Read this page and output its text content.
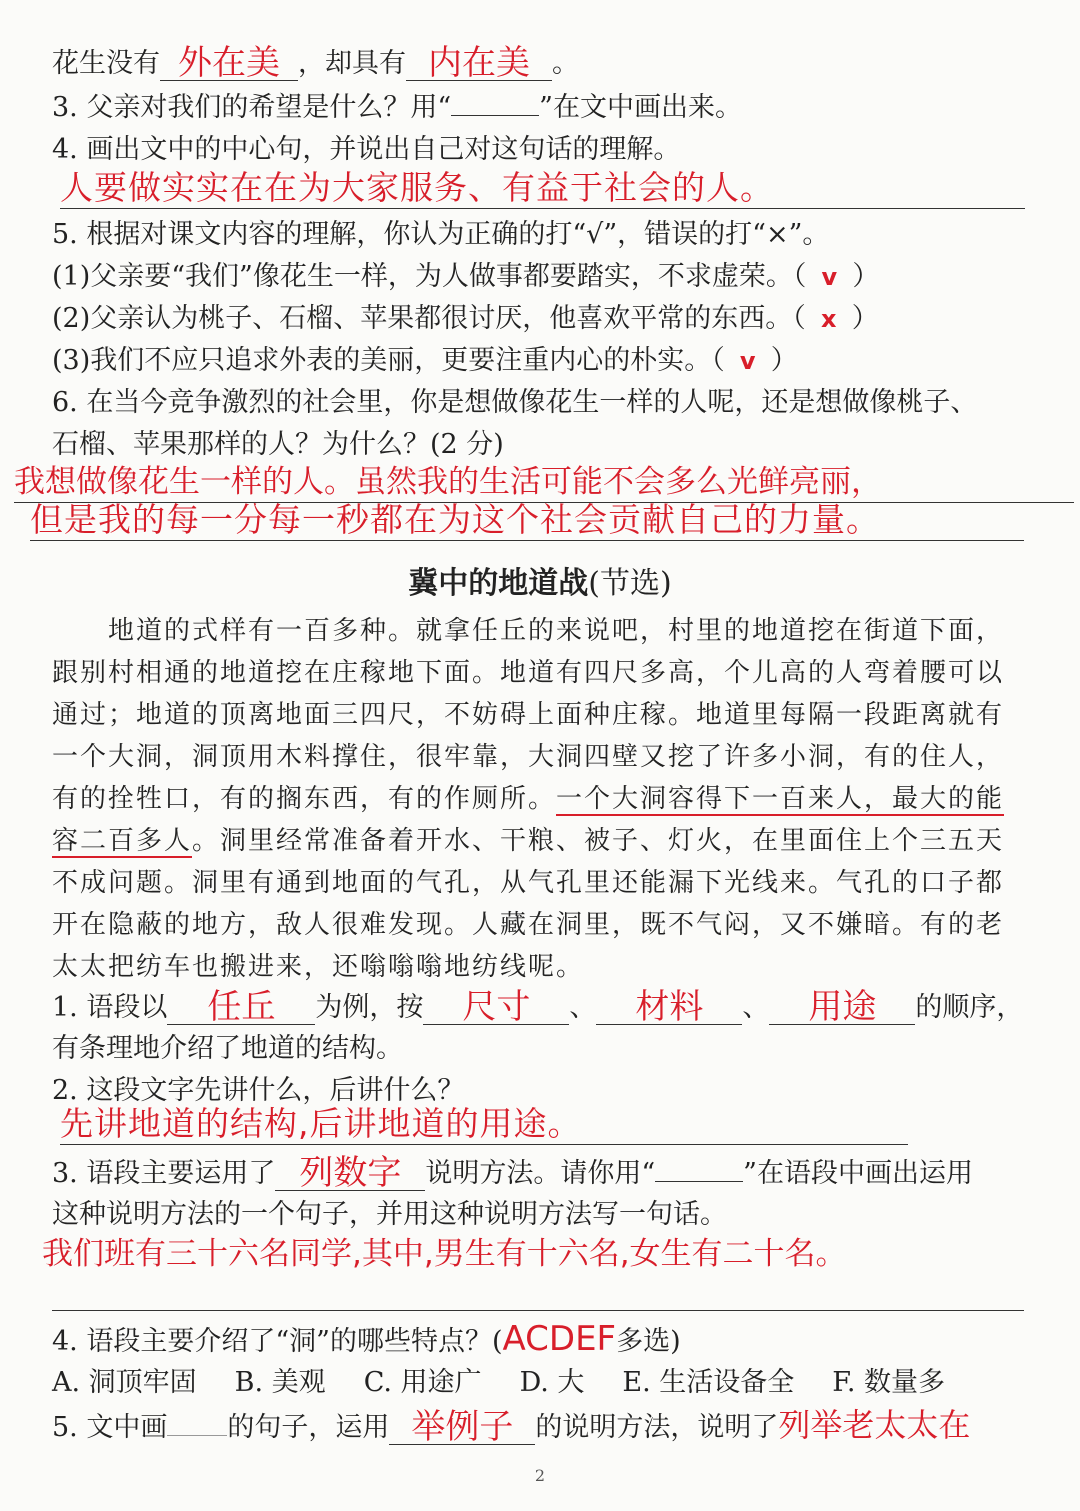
花生没有 外在美 ，却具有 内在美 。
3. 父亲对我们的希望是什么？用“	”在文中画出来。
4. 画出文中的中心句，并说出自己对这句话的理解。
人要做实实在在为大家服务、有益于社会的人。
5. 根据对课文内容的理解，你认为正确的打“√”，错误的打“×”。
(1)父亲要“我们”像花生一样，为人做事都要踏实，不求虚荣。（ v ）
(2)父亲认为桃子、石榴、苹果都很讨厌，他喜欢平常的东西。（ x ）
(3)我们不应只追求外表的美丽，更要注重内心的朴实。（ v ）
6. 在当今竞争激烈的社会里，你是想做像花生一样的人呢，还是想做像桃子、
石榴、苹果那样的人？为什么？(2 分)
我想做像花生一样的人。虽然我的生活可能不会多么光鲜亮丽，
但是我的每一分每一秒都在为这个社会贡献自己的力量。
冀中的地道战(节选)
地道的式样有一百多种。就拿任丘的来说吧，村里的地道挖在街道下面，
跟别村相通的地道挖在庄稼地下面。地道有四尺多高，个儿高的人弯着腰可以
通过；地道的顶离地面三四尺，不妨碍上面种庄稼。地道里每隔一段距离就有
一个大洞，洞顶用木料撑住，很牢靠，大洞四壁又挖了许多小洞，有的住人，
有的拴牲口，有的搁东西，有的作厕所。一个大洞容得下一百来人，最大的能
容二百多人。洞里经常准备着开水、干粮、被子、灯火，在里面住上个三五天
不成问题。洞里有通到地面的气孔，从气孔里还能漏下光线来。气孔的口子都
开在隐蔽的地方，敌人很难发现。人藏在洞里，既不气闷，又不嫌暗。有的老
太太把纺车也搬进来，还嗡嗡嗡地纺线呢。
1. 语段以 任丘 为例，按 尺寸 、 材料 、 用途 的顺序，
有条理地介绍了地道的结构。
2. 这段文字先讲什么，后讲什么？
先讲地道的结构,后讲地道的用途。
3. 语段主要运用了 列数字 说明方法。请你用“	”在语段中画出运用
这种说明方法的一个句子，并用这种说明方法写一句话。
我们班有三十六名同学,其中,男生有十六名,女生有二十名。
4. 语段主要介绍了“洞”的哪些特点？(ACDEF多选)
A. 洞顶牢固 B. 美观 C. 用途广 D. 大 E. 生活设备全 F. 数量多
5. 文中画 的句子，运用 举例子 的说明方法，说明了列举老太太在
2
